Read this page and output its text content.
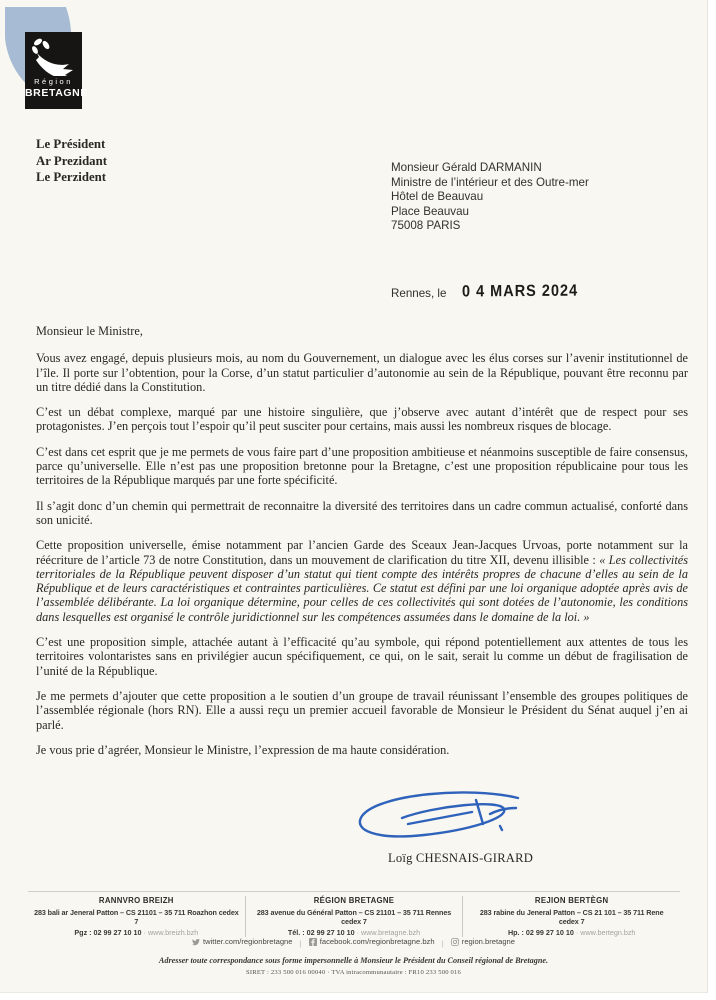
Région
BRETAGNE
Le Président
Ar Prezidant
Le Perzident
Monsieur Gérald DARMANIN
Ministre de l’intérieur et des Outre-mer
Hôtel de Beauvau
Place Beauvau
75008 PARIS
Rennes, le 0 4 MARS 2024

Monsieur le Ministre,

Vous avez engagé, depuis plusieurs mois, au nom du Gouvernement, un dialogue avec les élus corses sur l’avenir institutionnel de l’île. Il porte sur l’obtention, pour la Corse, d’un statut particulier d’autonomie au sein de la République, pouvant être reconnu par un titre dédié dans la Constitution.

C’est un débat complexe, marqué par une histoire singulière, que j’observe avec autant d’intérêt que de respect pour ses protagonistes. J’en perçois tout l’espoir qu’il peut susciter pour certains, mais aussi les nombreux risques de blocage.

C’est dans cet esprit que je me permets de vous faire part d’une proposition ambitieuse et néanmoins susceptible de faire consensus, parce qu’universelle. Elle n’est pas une proposition bretonne pour la Bretagne, c’est une proposition républicaine pour tous les territoires de la République marqués par une forte spécificité.

Il s’agit donc d’un chemin qui permettrait de reconnaitre la diversité des territoires dans un cadre commun actualisé, conforté dans son unicité.

Cette proposition universelle, émise notamment par l’ancien Garde des Sceaux Jean-Jacques Urvoas, porte notamment sur la réécriture de l’article 73 de notre Constitution, dans un mouvement de clarification du titre XII, devenu illisible : « Les collectivités territoriales de la République peuvent disposer d’un statut qui tient compte des intérêts propres de chacune d’elles au sein de la République et de leurs caractéristiques et contraintes particulières. Ce statut est défini par une loi organique adoptée après avis de l’assemblée délibérante. La loi organique détermine, pour celles de ces collectivités qui sont dotées de l’autonomie, les conditions dans lesquelles est organisé le contrôle juridictionnel sur les compétences assumées dans le domaine de la loi. »

C’est une proposition simple, attachée autant à l’efficacité qu’au symbole, qui répond potentiellement aux attentes de tous les territoires volontaristes sans en privilégier aucun spécifiquement, ce qui, on le sait, serait lu comme un début de fragilisation de l’unité de la République.

Je me permets d’ajouter que cette proposition a le soutien d’un groupe de travail réunissant l’ensemble des groupes politiques de l’assemblée régionale (hors RN). Elle a aussi reçu un premier accueil favorable de Monsieur le Président du Sénat auquel j’en ai parlé.

Je vous prie d’agréer, Monsieur le Ministre, l’expression de ma haute considération.

Loïg CHESNAIS-GIRARD
RANNVRO BREIZH
283 bali ar Jeneral Patton – CS 21101 – 35 711 Roazhon cedex 7
Pgz : 02 99 27 10 10 · www.breizh.bzh
RÉGION BRETAGNE
283 avenue du Général Patton – CS 21101 – 35 711 Rennes cedex 7
Tél. : 02 99 27 10 10 · www.bretagne.bzh
REJION BERTÈGN
283 rabine du Jeneral Patton – CS 21 101 – 35 711 Rene cedex 7
Hp. : 02 99 27 10 10 · www.bertegn.bzh
twitter.com/regionbretagne | facebook.com/regionbretagne.bzh | region.bretagne
Adresser toute correspondance sous forme impersonnelle à Monsieur le Président du Conseil régional de Bretagne.
SIRET : 233 500 016 00040 · TVA intracommunautaire : FR10 233 500 016
